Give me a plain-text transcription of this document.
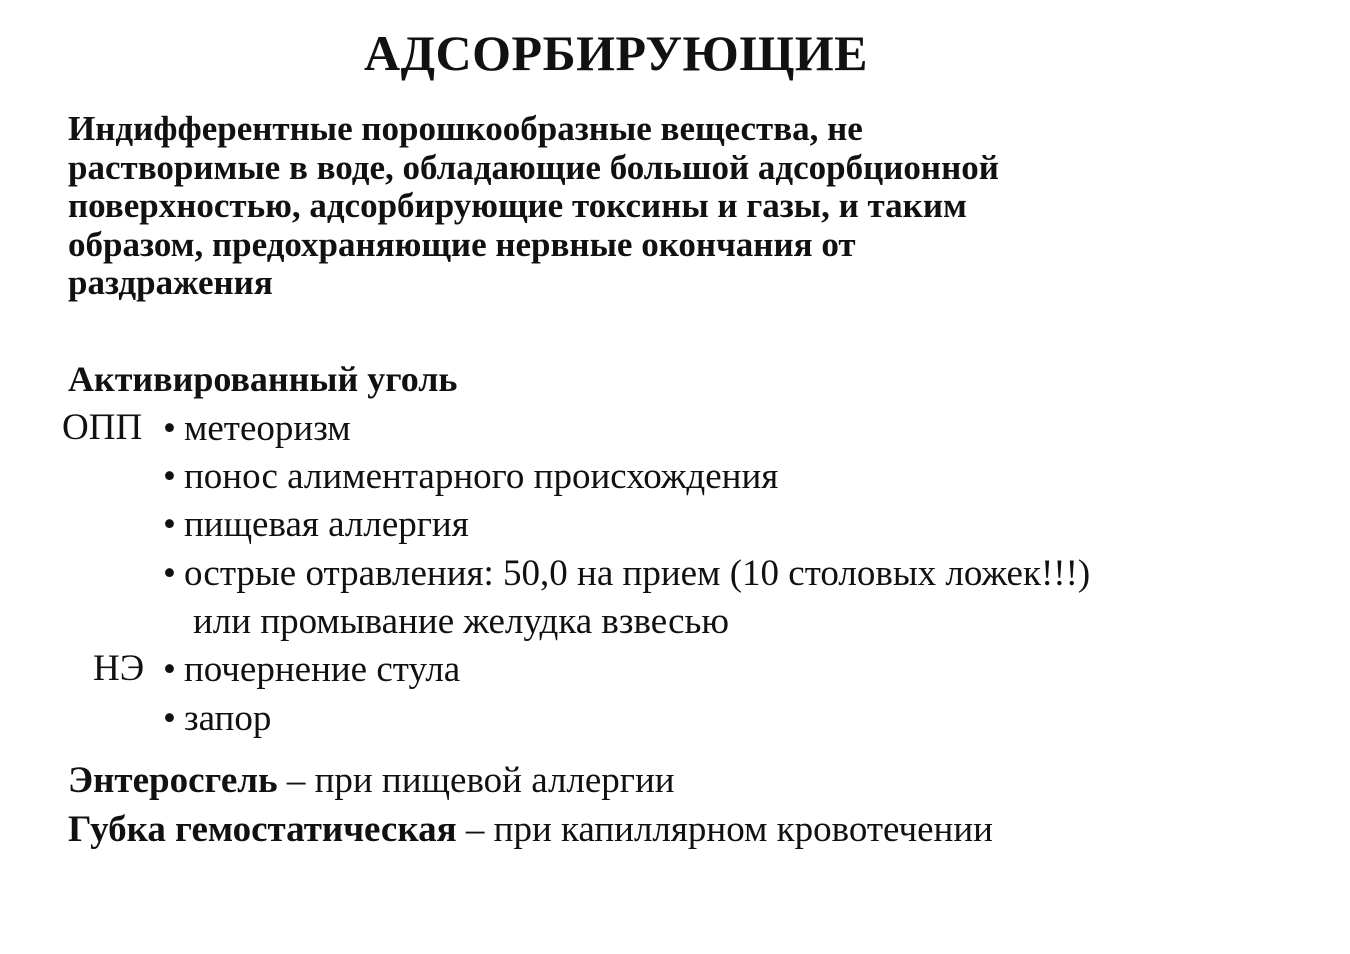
АДСОРБИРУЮЩИЕ
Индифферентные порошкообразные вещества, не
растворимые в воде, обладающие большой адсорбционной
поверхностью, адсорбирующие токсины и газы, и таким
образом, предохраняющие нервные окончания от
раздражения
Активированный уголь
ОПП • метеоризм
• понос алиментарного происхождения
• пищевая аллергия
• острые отравления: 50,0 на прием (10 столовых ложек!!!)
или промывание желудка взвесью
НЭ • почернение стула
• запор
Энтеросгель – при пищевой аллергии
Губка гемостатическая – при капиллярном кровотечении
